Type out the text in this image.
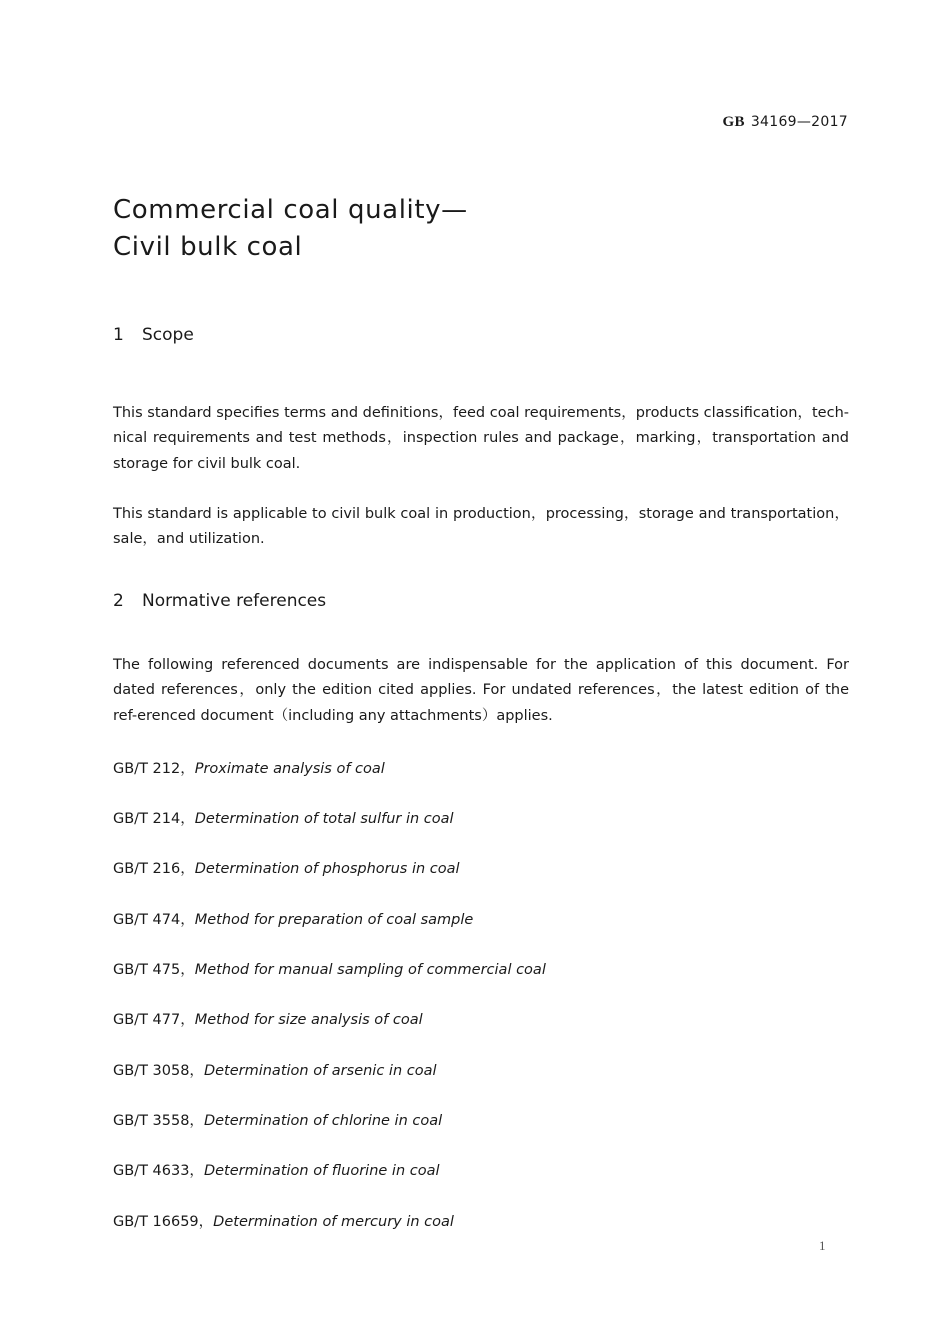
GB 34169—2017
Commercial coal quality—
Civil bulk coal
1 Scope

This standard specifies terms and definitions，feed coal requirements，products classification，tech-nical requirements and test methods，inspection rules and package，marking，transportation and storage for civil bulk coal.

This standard is applicable to civil bulk coal in production，processing，storage and transportation，sale，and utilization.

2 Normative references

The following referenced documents are indispensable for the application of this document. For dated references，only the edition cited applies. For undated references，the latest edition of the ref-erenced document（including any attachments）applies.

GB/T 212，Proximate analysis of coal

GB/T 214，Determination of total sulfur in coal

GB/T 216，Determination of phosphorus in coal

GB/T 474，Method for preparation of coal sample

GB/T 475，Method for manual sampling of commercial coal

GB/T 477，Method for size analysis of coal

GB/T 3058，Determination of arsenic in coal

GB/T 3558，Determination of chlorine in coal

GB/T 4633，Determination of fluorine in coal

GB/T 16659，Determination of mercury in coal

1
